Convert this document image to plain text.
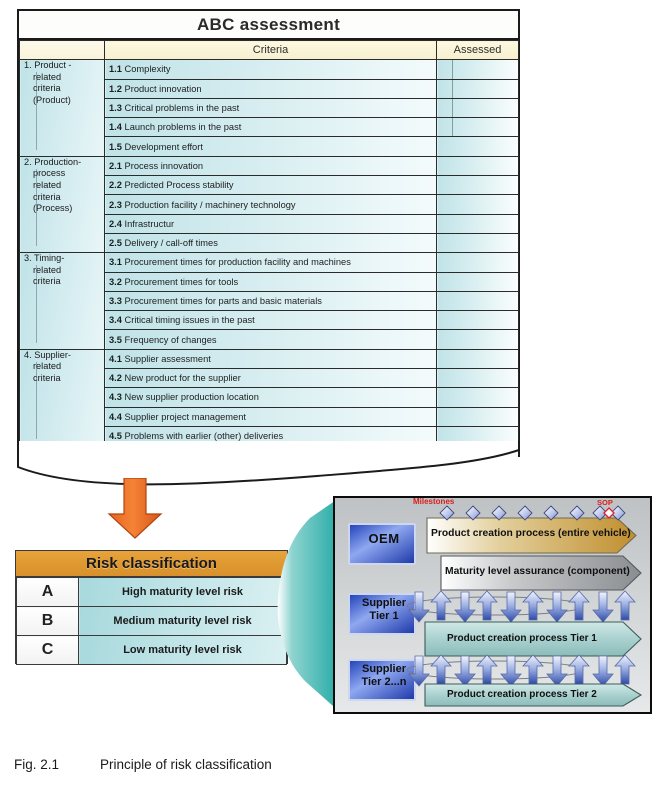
ABC assessment
	Criteria	Assessed

1. Product -
related
criteria
(Product)	1.1 Complexity	
	1.2 Product innovation	
	1.3 Critical problems in the past	
	1.4 Launch problems in the past	
	1.5 Development effort	

2. Production-
process
related
criteria
(Process)	2.1 Process innovation	
	2.2 Predicted Process stability	
	2.3 Production facility / machinery technology	
	2.4 Infrastructur	
	2.5 Delivery / call-off times	

3. Timing-
related
criteria	3.1 Procurement times for production facility and machines	
	3.2 Procurement times for tools	
	3.3 Procurement times for parts and basic materials	
	3.4 Critical timing issues in the past	
	3.5 Frequency of changes	

4. Supplier-
related
criteria	4.1 Supplier assessment	
	4.2 New product for the supplier	
	4.3 New supplier production location	
	4.4 Supplier project management	
	4.5 Problems with earlier (other) deliveries	
Risk classification
A	High maturity level risk
B	Medium maturity level risk
C	Low maturity level risk
Milestones	SOP
OEM
Supplier
Tier 1
Supplier
Tier 2...n
Product creation process (entire vehicle)
Maturity level assurance (component)
Product creation process Tier 1
Product creation process Tier 2
Fig. 2.1	Principle of risk classification
